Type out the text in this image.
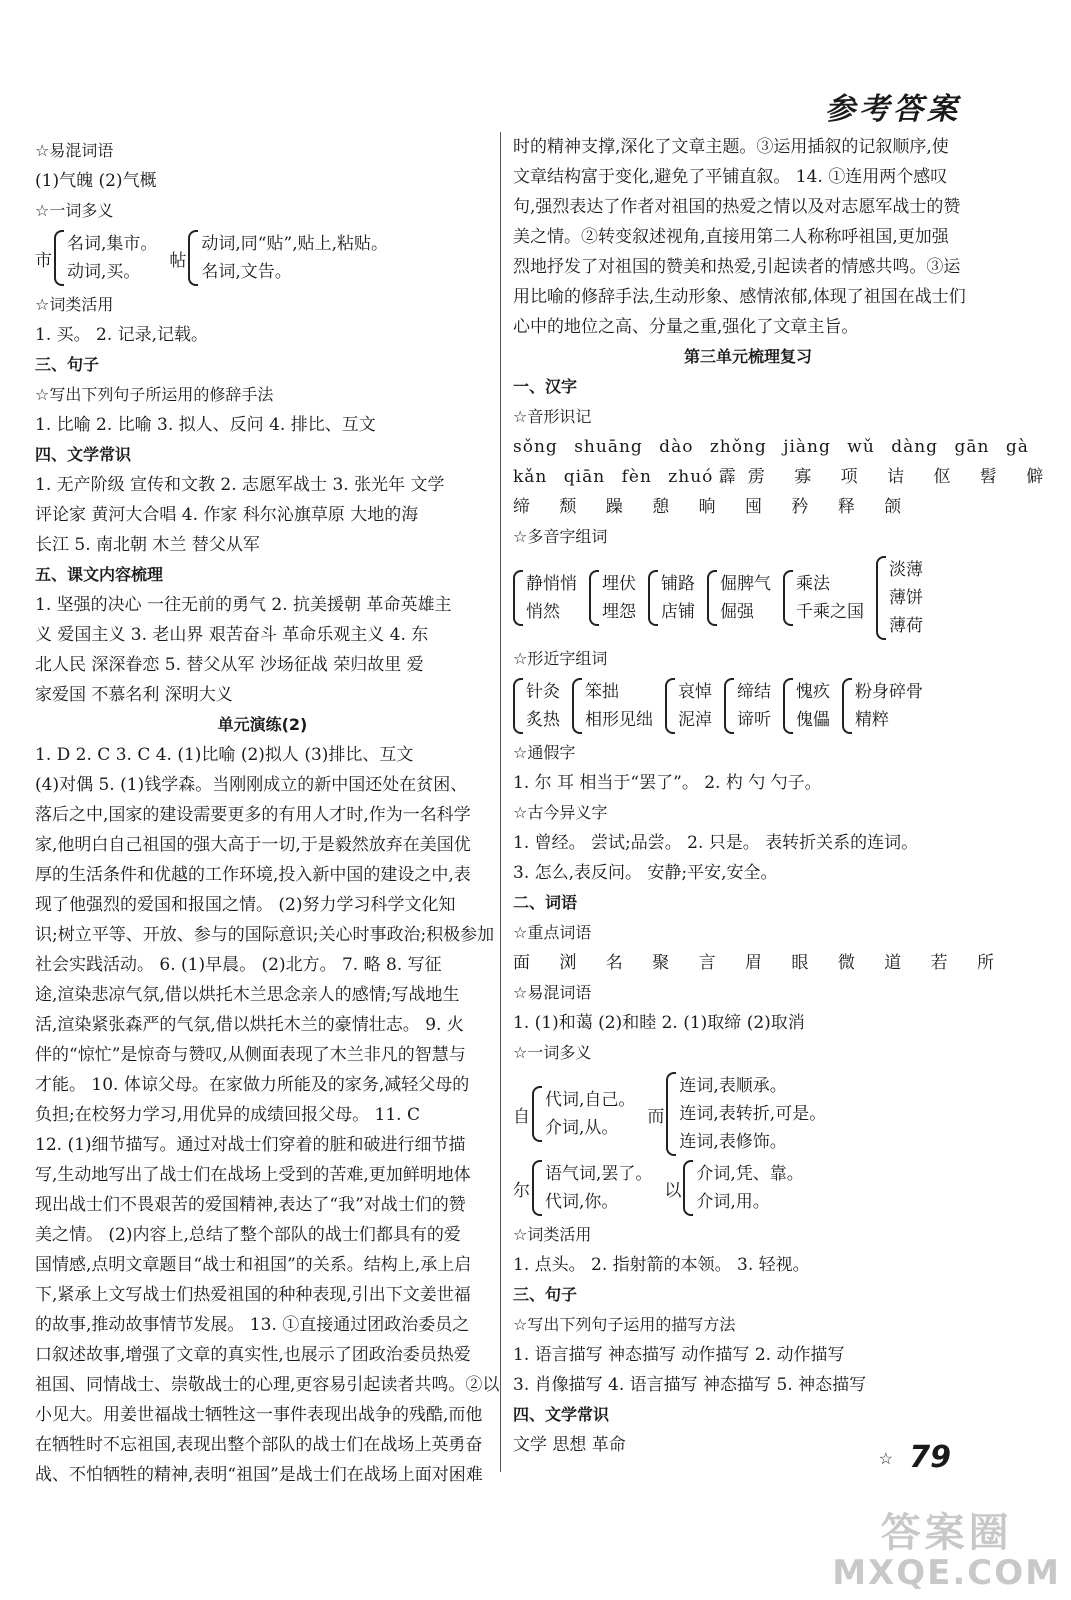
参考答案
☆易混词语
(1)气魄 (2)气概
☆一词多义
市
名词,集市。
动词,买。
帖
动词,同“贴”,贴上,粘贴。
名词,文告。
☆词类活用
1. 买。 2. 记录,记载。
三、句子
☆写出下列句子所运用的修辞手法
1. 比喻 2. 比喻 3. 拟人、反问 4. 排比、互文
四、文学常识
1. 无产阶级 宣传和文教 2. 志愿军战士 3. 张光年 文学
评论家 黄河大合唱 4. 作家 科尔沁旗草原 大地的海
长江 5. 南北朝 木兰 替父从军
五、课文内容梳理
1. 坚强的决心 一往无前的勇气 2. 抗美援朝 革命英雄主
义 爱国主义 3. 老山界 艰苦奋斗 革命乐观主义 4. 东
北人民 深深眷恋 5. 替父从军 沙场征战 荣归故里 爱
家爱国 不慕名利 深明大义
单元演练(2)
1. D 2. C 3. C 4. (1)比喻 (2)拟人 (3)排比、互文
(4)对偶 5. (1)钱学森。当刚刚成立的新中国还处在贫困、
落后之中,国家的建设需要更多的有用人才时,作为一名科学
家,他明白自己祖国的强大高于一切,于是毅然放弃在美国优
厚的生活条件和优越的工作环境,投入新中国的建设之中,表
现了他强烈的爱国和报国之情。 (2)努力学习科学文化知
识;树立平等、开放、参与的国际意识;关心时事政治;积极参加
社会实践活动。 6. (1)早晨。 (2)北方。 7. 略 8. 写征
途,渲染悲凉气氛,借以烘托木兰思念亲人的感情;写战地生
活,渲染紧张森严的气氛,借以烘托木兰的豪情壮志。 9. 火
伴的“惊忙”是惊奇与赞叹,从侧面表现了木兰非凡的智慧与
才能。 10. 体谅父母。在家做力所能及的家务,减轻父母的
负担;在校努力学习,用优异的成绩回报父母。 11. C
12. (1)细节描写。通过对战士们穿着的脏和破进行细节描
写,生动地写出了战士们在战场上受到的苦难,更加鲜明地体
现出战士们不畏艰苦的爱国精神,表达了“我”对战士们的赞
美之情。 (2)内容上,总结了整个部队的战士们都具有的爱
国情感,点明文章题目“战士和祖国”的关系。结构上,承上启
下,紧承上文写战士们热爱祖国的种种表现,引出下文姜世福
的故事,推动故事情节发展。 13. ①直接通过团政治委员之
口叙述故事,增强了文章的真实性,也展示了团政治委员热爱
祖国、同情战士、崇敬战士的心理,更容易引起读者共鸣。②以
小见大。用姜世福战士牺牲这一事件表现出战争的残酷,而他
在牺牲时不忘祖国,表现出整个部队的战士们在战场上英勇奋
战、不怕牺牲的精神,表明“祖国”是战士们在战场上面对困难
时的精神支撑,深化了文章主题。③运用插叙的记叙顺序,使
文章结构富于变化,避免了平铺直叙。 14. ①连用两个感叹
句,强烈表达了作者对祖国的热爱之情以及对志愿军战士的赞
美之情。②转变叙述视角,直接用第二人称称呼祖国,更加强
烈地抒发了对祖国的赞美和热爱,引起读者的情感共鸣。③运
用比喻的修辞手法,生动形象、感情浓郁,体现了祖国在战士们
心中的地位之高、分量之重,强化了文章主旨。
第三单元梳理复习
一、汉字
☆音形识记
sǒng shuāng dào zhǒng jiàng wǔ dàng gān gà
kǎn qiān fèn zhuó 霹雳 寡 项 诘 伛 髫 僻
缔 颓 躁 憩 晌 囤 矜 释 颌
☆多音字组词
静悄悄
悄然
埋伏
埋怨
铺路
店铺
倔脾气
倔强
乘法
千乘之国
淡薄
薄饼
薄荷
☆形近字组词
针灸
炙热
笨拙
相形见绌
哀悼
泥淖
缔结
谛听
愧疚
傀儡
粉身碎骨
精粹
☆通假字
1. 尔 耳 相当于“罢了”。 2. 杓 勺 勺子。
☆古今异义字
1. 曾经。 尝试;品尝。 2. 只是。 表转折关系的连词。
3. 怎么,表反问。 安静;平安,安全。
二、词语
☆重点词语
面 浏 名 聚 言 眉 眼 微 道 若 所
☆易混词语
1. (1)和蔼 (2)和睦 2. (1)取缔 (2)取消
☆一词多义
自
代词,自己。
介词,从。
而
连词,表顺承。
连词,表转折,可是。
连词,表修饰。
尔
语气词,罢了。
代词,你。
以
介词,凭、靠。
介词,用。
☆词类活用
1. 点头。 2. 指射箭的本领。 3. 轻视。
三、句子
☆写出下列句子运用的描写方法
1. 语言描写 神态描写 动作描写 2. 动作描写
3. 肖像描写 4. 语言描写 神态描写 5. 神态描写
四、文学常识
文学 思想 革命
☆ 79
答案圈
MXQE.COM
